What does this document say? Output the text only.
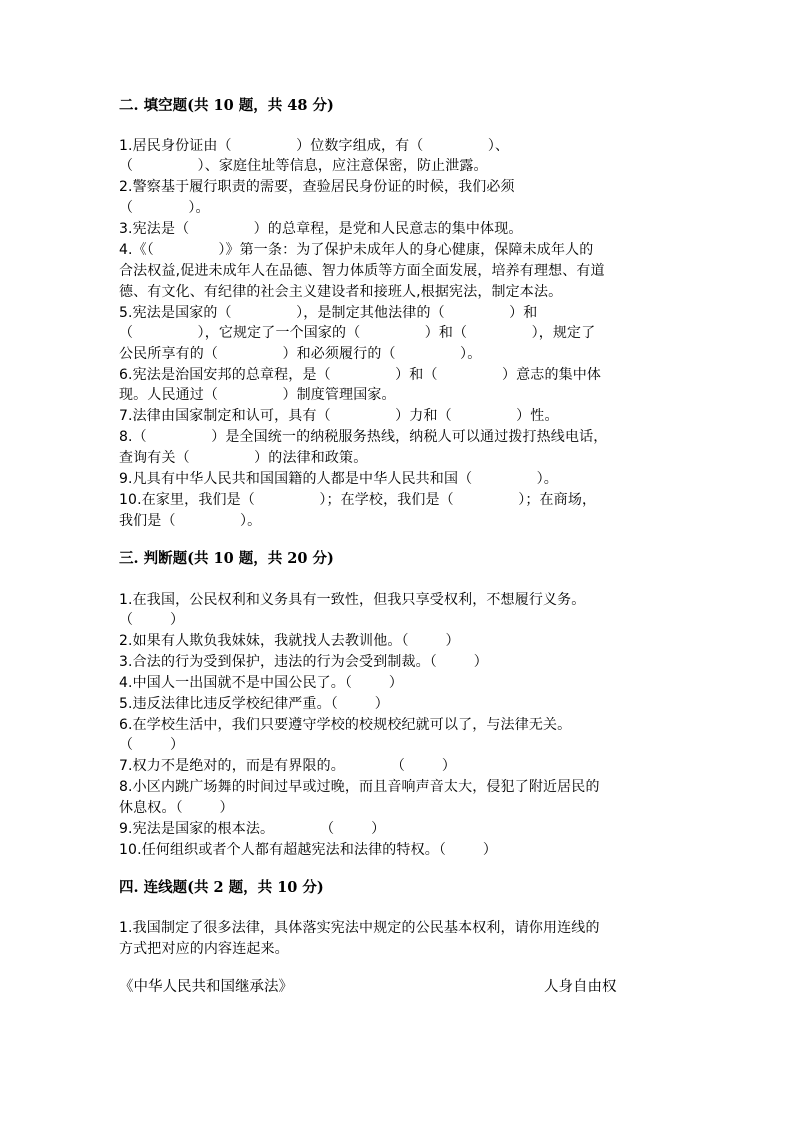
二. 填空题(共 10 题，共 48 分)
1.居民身份证由（              ）位数字组成，有（              ）、
（              ）、家庭住址等信息，应注意保密，防止泄露。
2.警察基于履行职责的需要，查验居民身份证的时候，我们必须
（            ）。
3.宪法是（              ）的总章程，是党和人民意志的集中体现。
4.《（              ）》第一条：为了保护未成年人的身心健康，保障未成年人的
合法权益,促进未成年人在品德、智力体质等方面全面发展，培养有理想、有道
德、有文化、有纪律的社会主义建设者和接班人,根据宪法，制定本法。
5.宪法是国家的（              ），是制定其他法律的（              ）和
（              ），它规定了一个国家的（              ）和（              ），规定了
公民所享有的（              ）和必须履行的（              ）。
6.宪法是治国安邦的总章程，是（              ）和（              ）意志的集中体
现。人民通过（              ）制度管理国家。
7.法律由国家制定和认可，具有（              ）力和（              ）性。
8.（              ）是全国统一的纳税服务热线，纳税人可以通过拨打热线电话，
查询有关（              ）的法律和政策。
9.凡具有中华人民共和国国籍的人都是中华人民共和国（              ）。
10.在家里，我们是（              ）；在学校，我们是（              ）；在商场，
我们是（              ）。
三. 判断题(共 10 题，共 20 分)
1.在我国，公民权利和义务具有一致性，但我只享受权利，不想履行义务。
（        ）
2.如果有人欺负我妹妹，我就找人去教训他。（        ）
3.合法的行为受到保护，违法的行为会受到制裁。（        ）
4.中国人一出国就不是中国公民了。（        ）
5.违反法律比违反学校纪律严重。（        ）
6.在学校生活中，我们只要遵守学校的校规校纪就可以了，与法律无关。
（        ）
7.权力不是绝对的，而是有界限的。          （        ）
8.小区内跳广场舞的时间过早或过晚，而且音响声音太大，侵犯了附近居民的
休息权。（        ）
9.宪法是国家的根本法。          （        ）
10.任何组织或者个人都有超越宪法和法律的特权。（        ）
四. 连线题(共 2 题，共 10 分)
1.我国制定了很多法律，具体落实宪法中规定的公民基本权利，请你用连线的
方式把对应的内容连起来。
《中华人民共和国继承法》	人身自由权
